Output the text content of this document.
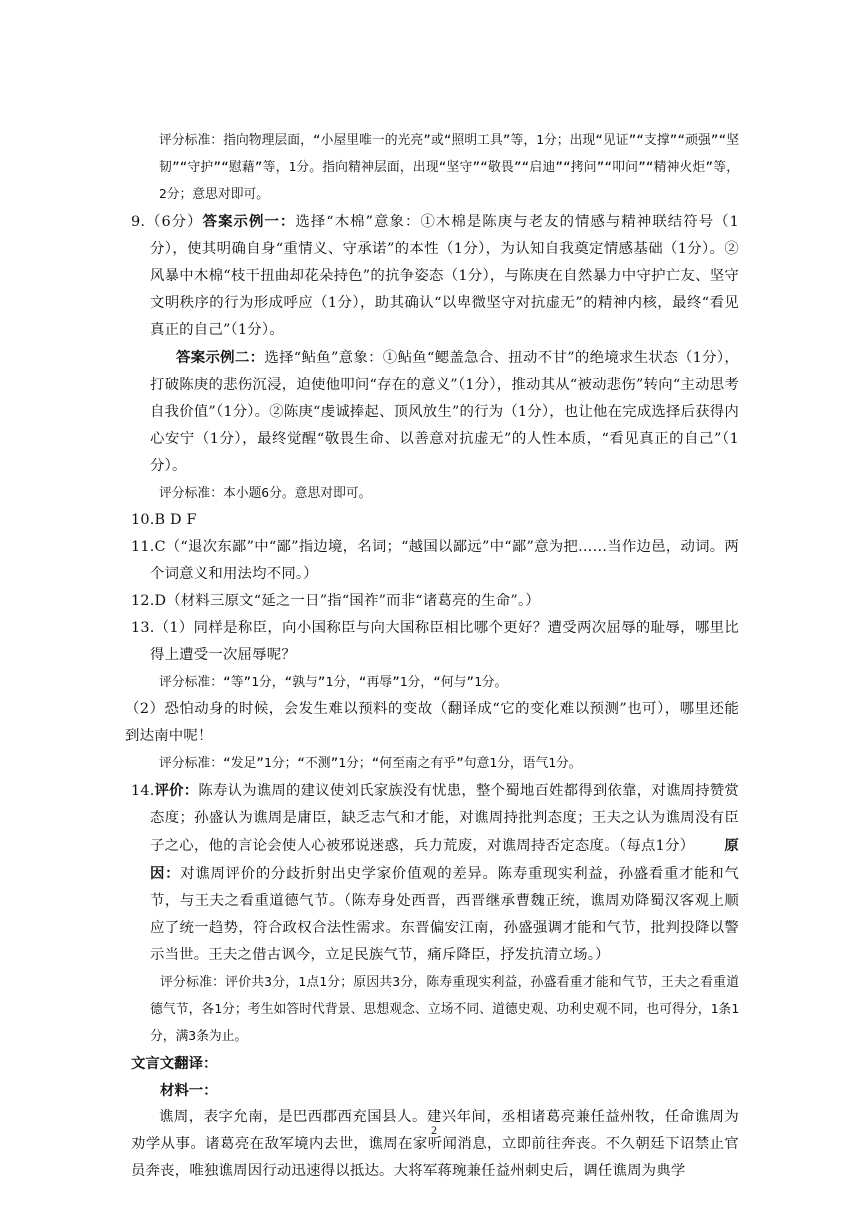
评分标准：指向物理层面，“小屋里唯一的光亮”或“照明工具”等，1分；出现“见证”“支撑”“顽强”“坚韧”“守护”“慰藉”等，1分。指向精神层面，出现“坚守”“敬畏”“启迪”“拷问”“叩问”“精神火炬”等，2分；意思对即可。

9.（6分）答案示例一：选择“木棉”意象：①木棉是陈庚与老友的情感与精神联结符号（1分），使其明确自身“重情义、守承诺”的本性（1分），为认知自我奠定情感基础（1分）。②风暴中木棉“枝干扭曲却花朵持色”的抗争姿态（1分），与陈庚在自然暴力中守护亡友、坚守文明秩序的行为形成呼应（1分），助其确认“以卑微坚守对抗虚无”的精神内核，最终“看见真正的自己”（1分）。

答案示例二：选择“鲇鱼”意象：①鲇鱼“鳃盖急合、扭动不甘”的绝境求生状态（1分），打破陈庚的悲伤沉浸，迫使他叩问“存在的意义”（1分），推动其从“被动悲伤”转向“主动思考自我价值”（1分）。②陈庚“虔诚捧起、顶风放生”的行为（1分），也让他在完成选择后获得内心安宁（1分），最终觉醒“敬畏生命、以善意对抗虚无”的人性本质，“看见真正的自己”（1分）。

评分标准：本小题6分。意思对即可。

10.B D F

11.C（“退次东鄙”中“鄙”指边境，名词；“越国以鄙远”中“鄙”意为把……当作边邑，动词。两个词意义和用法均不同。）

12.D（材料三原文“延之一日”指“国祚”而非“诸葛亮的生命”。）

13.（1）同样是称臣，向小国称臣与向大国称臣相比哪个更好？遭受两次屈辱的耻辱，哪里比得上遭受一次屈辱呢？

评分标准：“等”1分，“孰与”1分，“再辱”1分，“何与”1分。

（2）恐怕动身的时候，会发生难以预料的变故（翻译成“它的变化难以预测”也可），哪里还能到达南中呢！

评分标准：“发足”1分；“不测”1分；“何至南之有乎”句意1分，语气1分。

14.评价：陈寿认为谯周的建议使刘氏家族没有忧患，整个蜀地百姓都得到依靠，对谯周持赞赏态度；孙盛认为谯周是庸臣，缺乏志气和才能，对谯周持批判态度；王夫之认为谯周没有臣子之心，他的言论会使人心被邪说迷惑，兵力荒废，对谯周持否定态度。（每点1分） 原因：对谯周评价的分歧折射出史学家价值观的差异。陈寿重现实利益，孙盛看重才能和气节，与王夫之看重道德气节。（陈寿身处西晋，西晋继承曹魏正统，谯周劝降蜀汉客观上顺应了统一趋势，符合政权合法性需求。东晋偏安江南，孙盛强调才能和气节，批判投降以警示当世。王夫之借古讽今，立足民族气节，痛斥降臣，抒发抗清立场。）

评分标准：评价共3分，1点1分；原因共3分，陈寿重现实利益，孙盛看重才能和气节，王夫之看重道德气节，各1分；考生如答时代背景、思想观念、立场不同、道德史观、功利史观不同，也可得分，1条1分，满3条为止。

文言文翻译：

材料一：

谯周，表字允南，是巴西郡西充国县人。建兴年间，丞相诸葛亮兼任益州牧，任命谯周为劝学从事。诸葛亮在敌军境内去世，谯周在家听闻消息，立即前往奔丧。不久朝廷下诏禁止官员奔丧，唯独谯周因行动迅速得以抵达。大将军蒋琬兼任益州刺史后，调任谯周为典学

2
